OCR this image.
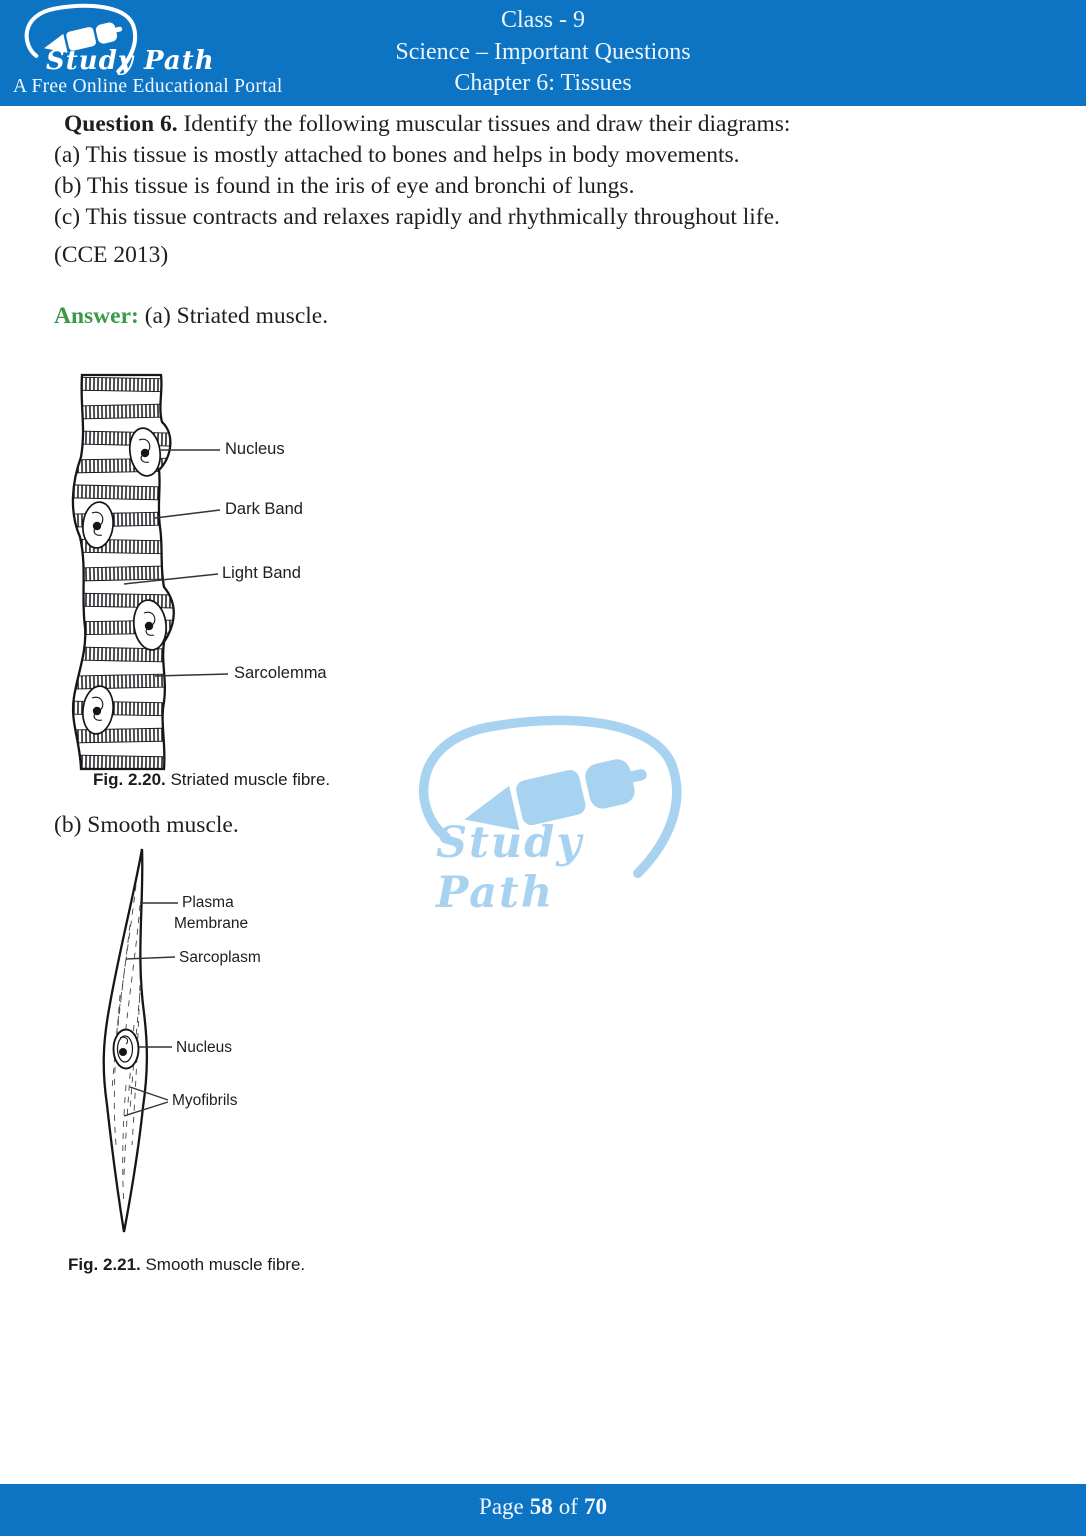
Study Path
A Free Online Educational Portal
Class - 9
Science – Important Questions
Chapter 6: Tissues
Question 6. Identify the following muscular tissues and draw their diagrams:
(a) This tissue is mostly attached to bones and helps in body movements.
(b) This tissue is found in the iris of eye and bronchi of lungs.
(c) This tissue contracts and relaxes rapidly and rhythmically throughout life.
(CCE 2013)
Answer: (a) Striated muscle.
Nucleus
Dark Band
Light Band
Sarcolemma
Fig. 2.20. Striated muscle fibre.
Study Path
(b) Smooth muscle.
Plasma
Membrane
Sarcoplasm
Nucleus
Myofibrils
Fig. 2.21. Smooth muscle fibre.
Page 58 of 70
